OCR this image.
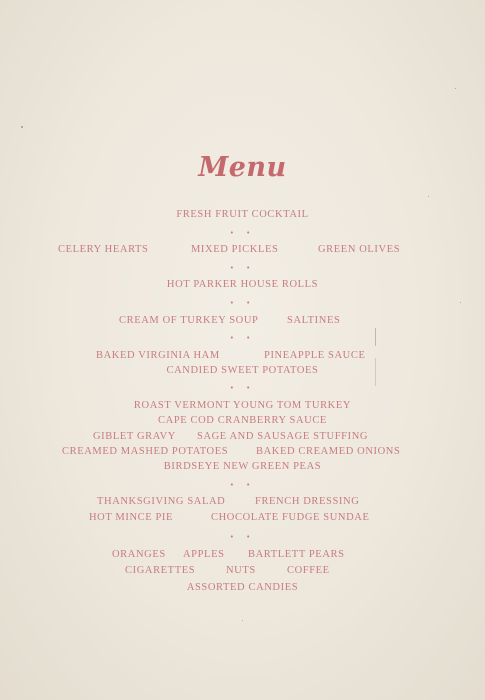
Menu
FRESH FRUIT COCKTAIL
• •
CELERY HEARTS	MIXED PICKLES	GREEN OLIVES
• •
HOT PARKER HOUSE ROLLS
• •
CREAM OF TURKEY SOUP	SALTINES
• •
BAKED VIRGINIA HAM	PINEAPPLE SAUCE
CANDIED SWEET POTATOES
• •
ROAST VERMONT YOUNG TOM TURKEY
CAPE COD CRANBERRY SAUCE
GIBLET GRAVY SAGE AND SAUSAGE STUFFING
CREAMED MASHED POTATOES	BAKED CREAMED ONIONS
BIRDSEYE NEW GREEN PEAS
• •
THANKSGIVING SALAD	FRENCH DRESSING
HOT MINCE PIE	CHOCOLATE FUDGE SUNDAE
• •
ORANGES APPLES BARTLETT PEARS
CIGARETTES	NUTS	COFFEE
ASSORTED CANDIES
